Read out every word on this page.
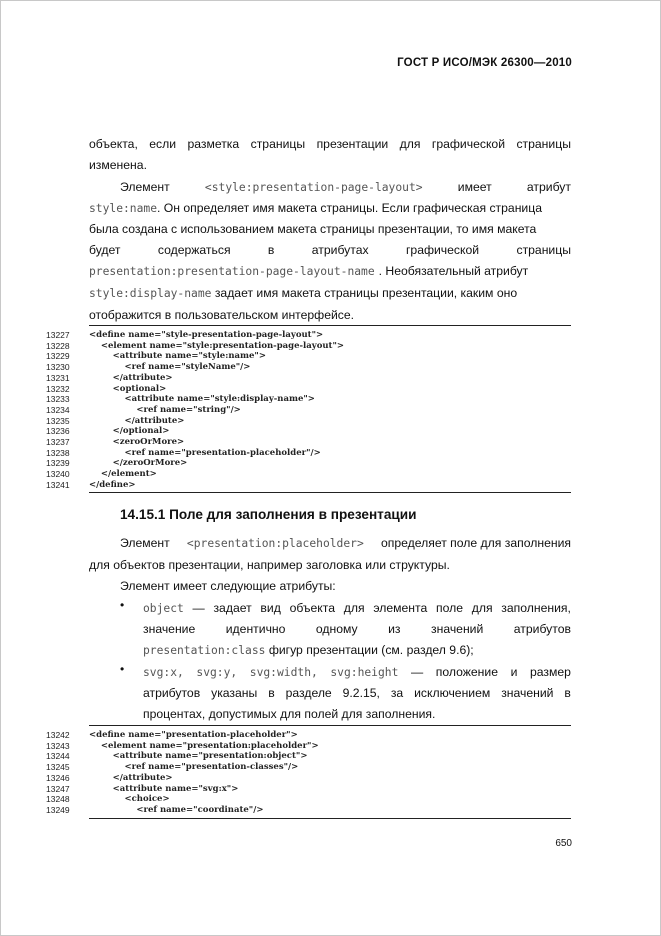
ГОСТ Р ИСО/МЭК 26300—2010
объекта, если разметка страницы презентации для графической страницы
изменена.
Элемент	<style:presentation-page-layout>	имеет	атрибут
style:name. Он определяет имя макета страницы. Если графическая страница
была создана с использованием макета страницы презентации, то имя макета
будет	содержаться	в	атрибутах	графической	страницы
presentation:presentation-page-layout-name . Необязательный атрибут
style:display-name задает имя макета страницы презентации, каким оно
отображится в пользовательском интерфейсе.
13227
13228
13229
13230
13231
13232
13233
13234
13235
13236
13237
13238
13239
13240
13241
<define name="style-presentation-page-layout">
<element name="style:presentation-page-layout">
<attribute name="style:name">
<ref name="styleName"/>
</attribute>
<optional>
<attribute name="style:display-name">
<ref name="string"/>
</attribute>
</optional>
<zeroOrMore>
<ref name="presentation-placeholder"/>
</zeroOrMore>
</element>
</define>
14.15.1 Поле для заполнения в презентации
Элемент <presentation:placeholder> определяет поле для заполнения
для объектов презентации, например заголовка или структуры.
Элемент имеет следующие атрибуты:
• object — задает вид объекта для элемента поле для заполнения,
значение идентично одному из значений атрибутов
presentation:class фигур презентации (см. раздел 9.6);
• svg:x, svg:y, svg:width, svg:height — положение и размер
атрибутов указаны в разделе 9.2.15, за исключением значений в
процентах, допустимых для полей для заполнения.
13242
13243
13244
13245
13246
13247
13248
13249
<define name="presentation-placeholder">
<element name="presentation:placeholder">
<attribute name="presentation:object">
<ref name="presentation-classes"/>
</attribute>
<attribute name="svg:x">
<choice>
<ref name="coordinate"/>
650
